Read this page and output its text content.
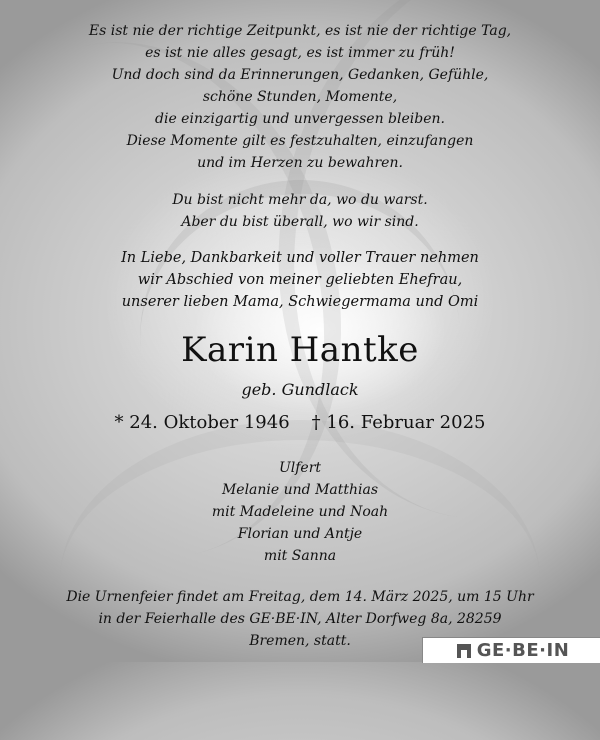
Es ist nie der richtige Zeitpunkt, es ist nie der richtige Tag,
es ist nie alles gesagt, es ist immer zu früh!
Und doch sind da Erinnerungen, Gedanken, Gefühle,
schöne Stunden, Momente,
die einzigartig und unvergessen bleiben.
Diese Momente gilt es festzuhalten, einzufangen
und im Herzen zu bewahren.
Du bist nicht mehr da, wo du warst.
Aber du bist überall, wo wir sind.
In Liebe, Dankbarkeit und voller Trauer nehmen
wir Abschied von meiner geliebten Ehefrau,
unserer lieben Mama, Schwiegermama und Omi
Karin Hantke
geb. Gundlack
* 24. Oktober 1946 † 16. Februar 2025
Ulfert
Melanie und Matthias
mit Madeleine und Noah
Florian und Antje
mit Sanna
Die Urnenfeier findet am Freitag, dem 14. März 2025, um 15 Uhr
in der Feierhalle des GE·BE·IN, Alter Dorfweg 8a, 28259
Bremen, statt.	GE·BE·IN
